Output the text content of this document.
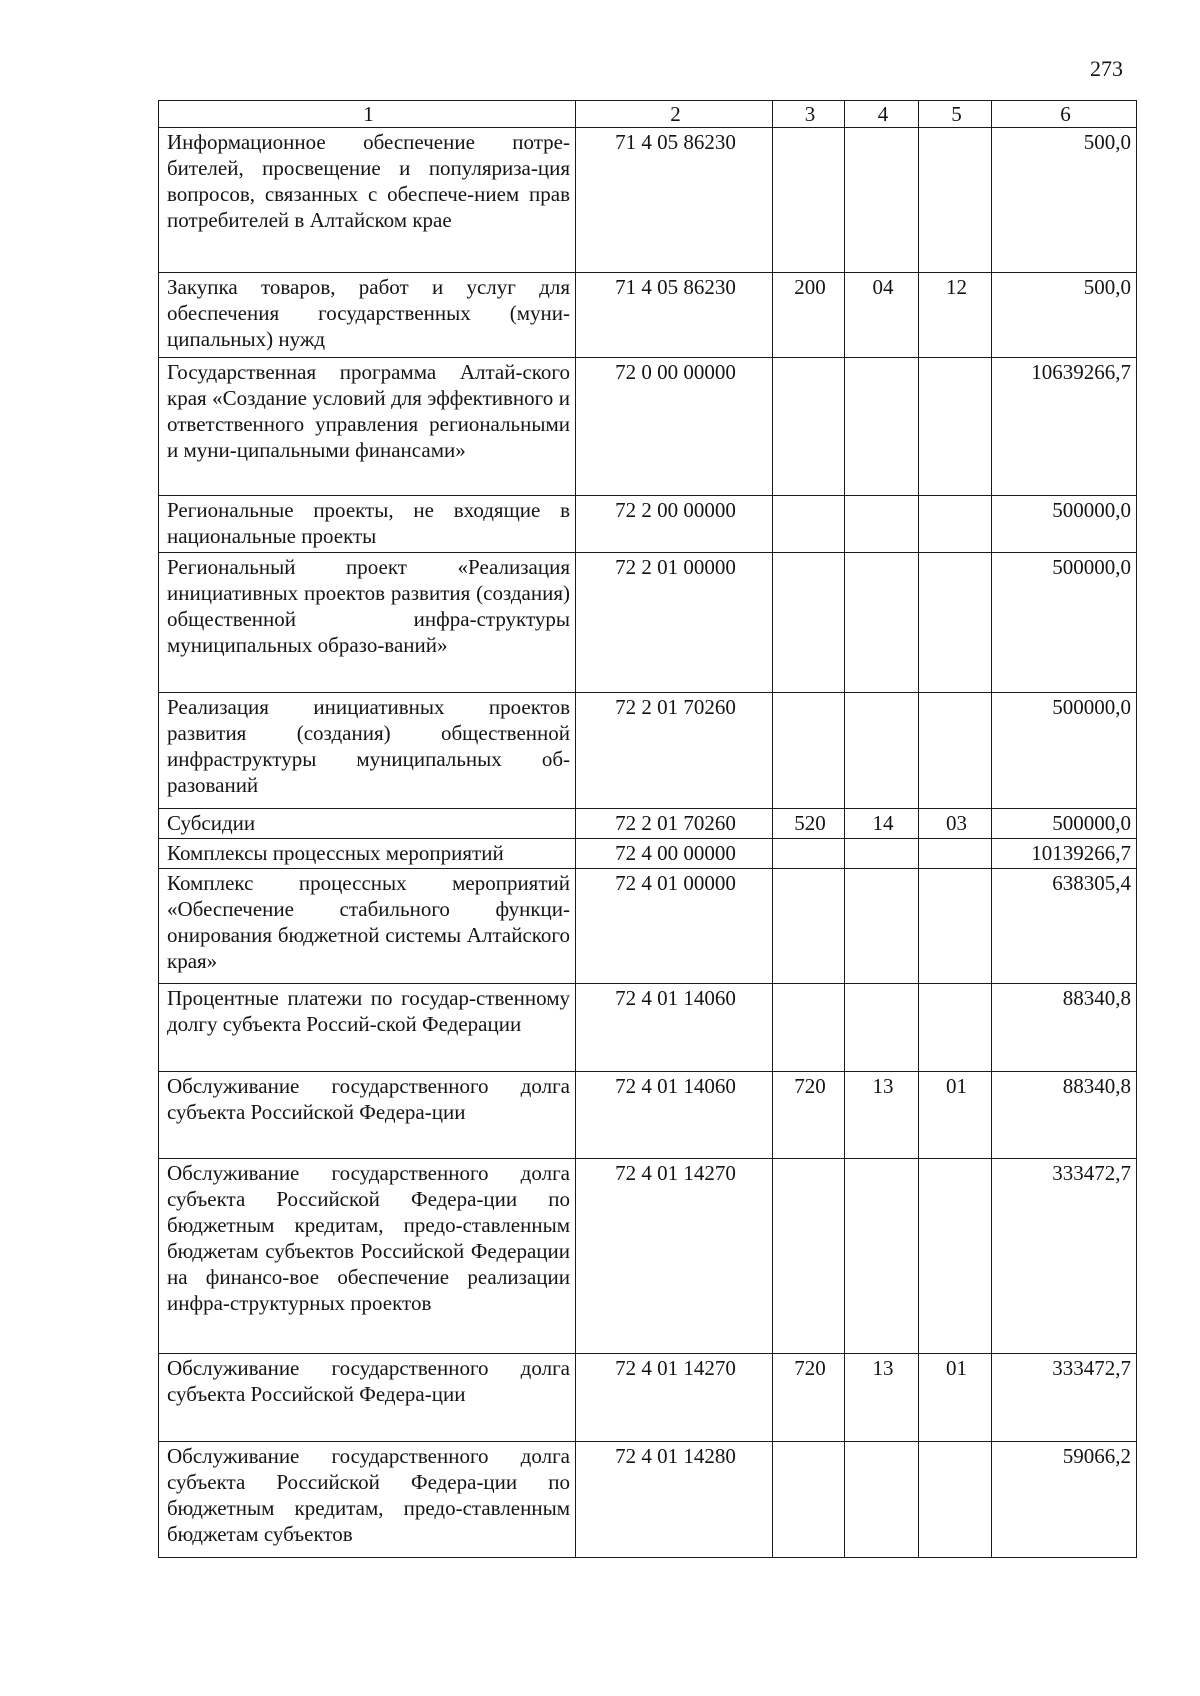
273
1	2	3	4	5	6
Информационное обеспечение потре-бителей, просвещение и популяриза-ция вопросов, связанных с обеспече-нием прав потребителей в Алтайском крае	71 4 05 86230				500,0
Закупка товаров, работ и услуг для обеспечения государственных (муни-ципальных) нужд	71 4 05 86230	200	04	12	500,0
Государственная программа Алтай-ского края «Создание условий для эффективного и ответственного управления региональными и муни-ципальными финансами»	72 0 00 00000				10639266,7
Региональные проекты, не входящие в национальные проекты	72 2 00 00000				500000,0
Региональный проект «Реализация инициативных проектов развития (создания) общественной инфра-структуры муниципальных образо-ваний»	72 2 01 00000				500000,0
Реализация инициативных проектов развития (создания) общественной инфраструктуры муниципальных об-разований	72 2 01 70260				500000,0
Субсидии	72 2 01 70260	520	14	03	500000,0
Комплексы процессных мероприятий	72 4 00 00000				10139266,7
Комплекс процессных мероприятий «Обеспечение стабильного функци-онирования бюджетной системы Алтайского края»	72 4 01 00000				638305,4
Процентные платежи по государ-ственному долгу субъекта Россий-ской Федерации	72 4 01 14060				88340,8
Обслуживание государственного долга субъекта Российской Федера-ции	72 4 01 14060	720	13	01	88340,8
Обслуживание государственного долга субъекта Российской Федера-ции по бюджетным кредитам, предо-ставленным бюджетам субъектов Российской Федерации на финансо-вое обеспечение реализации инфра-структурных проектов	72 4 01 14270				333472,7
Обслуживание государственного долга субъекта Российской Федера-ции	72 4 01 14270	720	13	01	333472,7
Обслуживание государственного долга субъекта Российской Федера-ции по бюджетным кредитам, предо-ставленным бюджетам субъектов	72 4 01 14280				59066,2
